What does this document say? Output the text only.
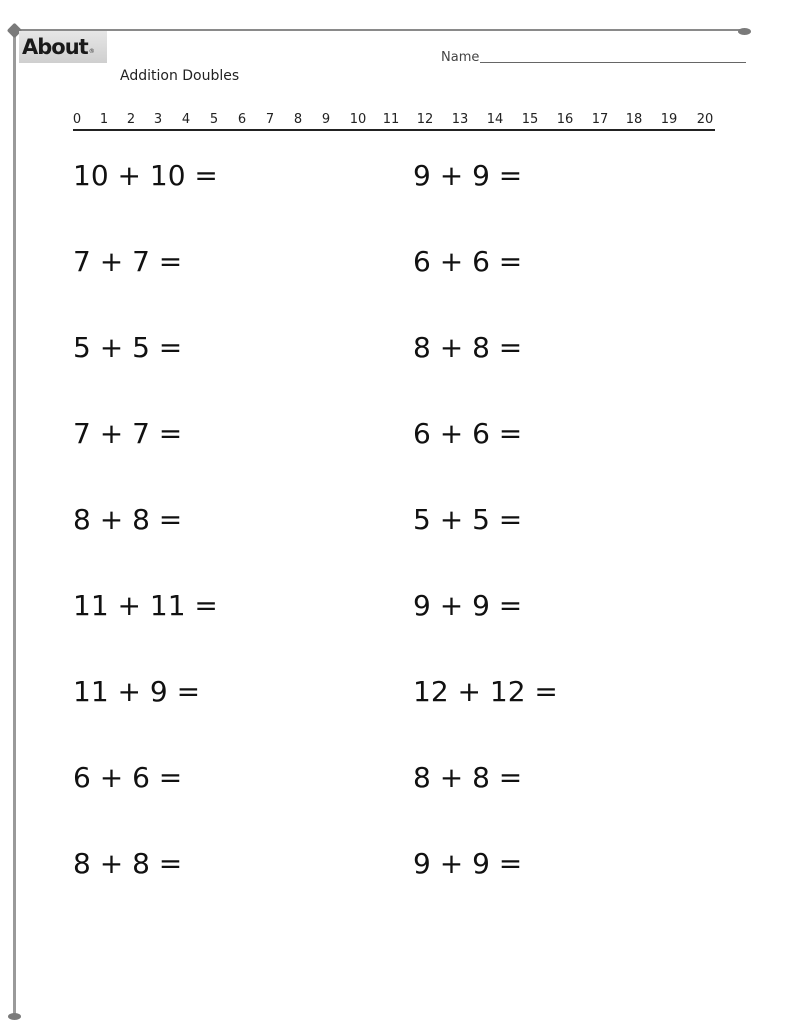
About ®
Addition Doubles
Name
0 1 2 3 4 5 6 7 8 9 10 11 12 13 14 15 16 17 18 19 20
10 + 10 =
7 + 7 =
5 + 5 =
7 + 7 =
8 + 8 =
11 + 11 =
11 + 9 =
6 + 6 =
8 + 8 =
9 + 9 =
6 + 6 =
8 + 8 =
6 + 6 =
5 + 5 =
9 + 9 =
12 + 12 =
8 + 8 =
9 + 9 =
